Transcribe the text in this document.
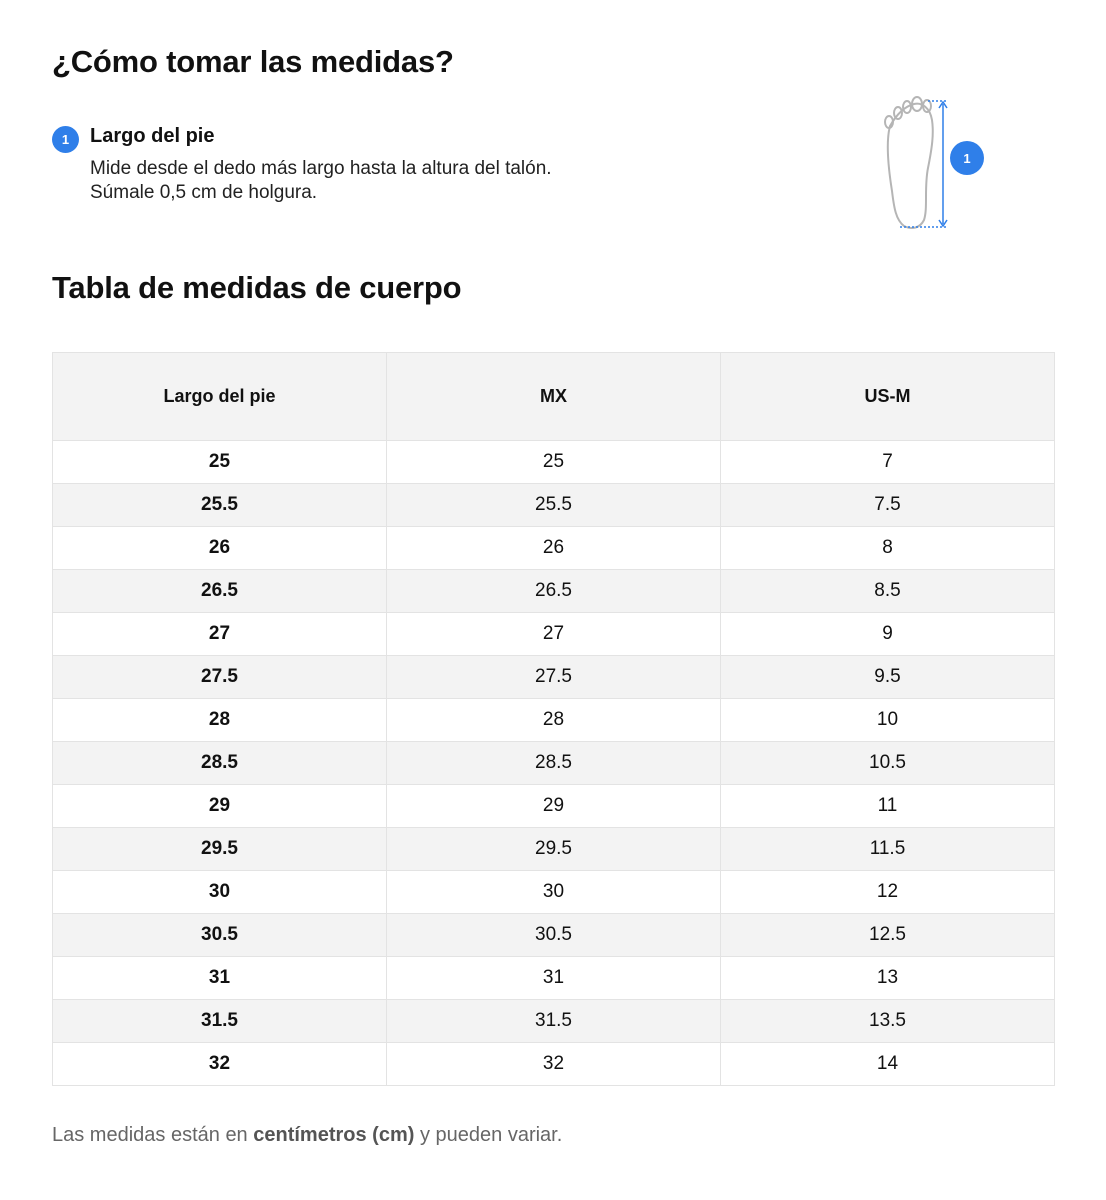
¿Cómo tomar las medidas?
1	Largo del pie

Mide desde el dedo más largo hasta la altura del talón. Súmale 0,5 cm de holgura.

1
Tabla de medidas de cuerpo
Largo del pie	MX	US-M
25	25	7
25.5	25.5	7.5
26	26	8
26.5	26.5	8.5
27	27	9
27.5	27.5	9.5
28	28	10
28.5	28.5	10.5
29	29	11
29.5	29.5	11.5
30	30	12
30.5	30.5	12.5
31	31	13
31.5	31.5	13.5
32	32	14

Las medidas están en centímetros (cm) y pueden variar.
